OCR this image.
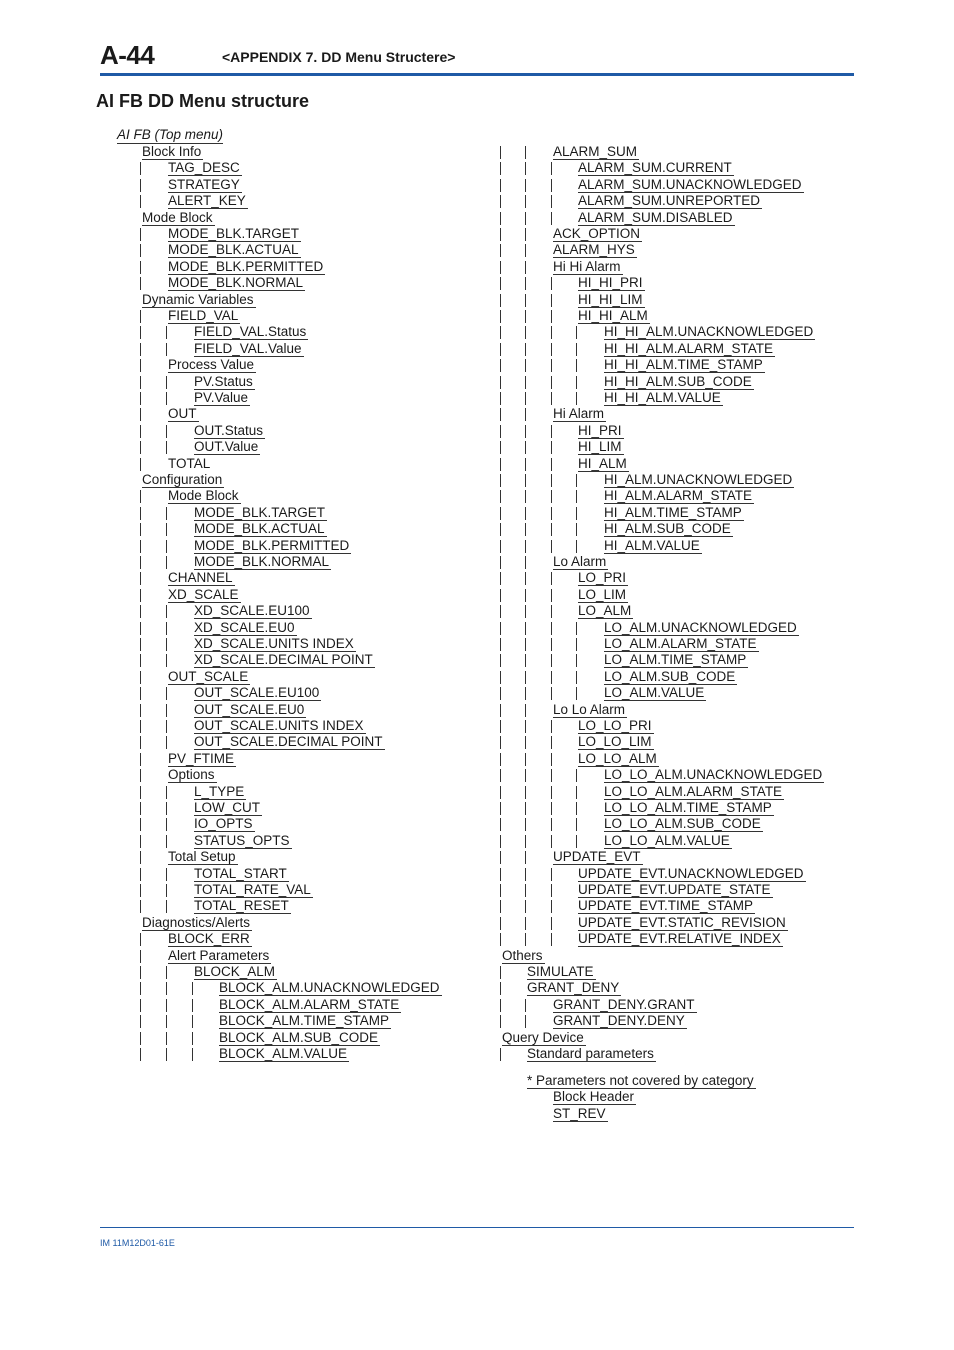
A-44	<APPENDIX 7. DD Menu Structere>
AI FB DD Menu structure
AI FB (Top menu)
Block Info
TAG_DESC
STRATEGY
ALERT_KEY
Mode Block
MODE_BLK.TARGET
MODE_BLK.ACTUAL
MODE_BLK.PERMITTED
MODE_BLK.NORMAL
Dynamic Variables
FIELD_VAL
FIELD_VAL.Status
FIELD_VAL.Value
Process Value
PV.Status
PV.Value
OUT
OUT.Status
OUT.Value
TOTAL
Configuration
Mode Block
MODE_BLK.TARGET
MODE_BLK.ACTUAL
MODE_BLK.PERMITTED
MODE_BLK.NORMAL
CHANNEL
XD_SCALE
XD_SCALE.EU100
XD_SCALE.EU0
XD_SCALE.UNITS INDEX
XD_SCALE.DECIMAL POINT
OUT_SCALE
OUT_SCALE.EU100
OUT_SCALE.EU0
OUT_SCALE.UNITS INDEX
OUT_SCALE.DECIMAL POINT
PV_FTIME
Options
L_TYPE
LOW_CUT
IO_OPTS
STATUS_OPTS
Total Setup
TOTAL_START
TOTAL_RATE_VAL
TOTAL_RESET
Diagnostics/Alerts
BLOCK_ERR
Alert Parameters
BLOCK_ALM
BLOCK_ALM.UNACKNOWLEDGED
BLOCK_ALM.ALARM_STATE
BLOCK_ALM.TIME_STAMP
BLOCK_ALM.SUB_CODE
BLOCK_ALM.VALUE
ALARM_SUM
ALARM_SUM.CURRENT
ALARM_SUM.UNACKNOWLEDGED
ALARM_SUM.UNREPORTED
ALARM_SUM.DISABLED
ACK_OPTION
ALARM_HYS
Hi Hi Alarm
HI_HI_PRI
HI_HI_LIM
HI_HI_ALM
HI_HI_ALM.UNACKNOWLEDGED
HI_HI_ALM.ALARM_STATE
HI_HI_ALM.TIME_STAMP
HI_HI_ALM.SUB_CODE
HI_HI_ALM.VALUE
Hi Alarm
HI_PRI
HI_LIM
HI_ALM
HI_ALM.UNACKNOWLEDGED
HI_ALM.ALARM_STATE
HI_ALM.TIME_STAMP
HI_ALM.SUB_CODE
HI_ALM.VALUE
Lo Alarm
LO_PRI
LO_LIM
LO_ALM
LO_ALM.UNACKNOWLEDGED
LO_ALM.ALARM_STATE
LO_ALM.TIME_STAMP
LO_ALM.SUB_CODE
LO_ALM.VALUE
Lo Lo Alarm
LO_LO_PRI
LO_LO_LIM
LO_LO_ALM
LO_LO_ALM.UNACKNOWLEDGED
LO_LO_ALM.ALARM_STATE
LO_LO_ALM.TIME_STAMP
LO_LO_ALM.SUB_CODE
LO_LO_ALM.VALUE
UPDATE_EVT
UPDATE_EVT.UNACKNOWLEDGED
UPDATE_EVT.UPDATE_STATE
UPDATE_EVT.TIME_STAMP
UPDATE_EVT.STATIC_REVISION
UPDATE_EVT.RELATIVE_INDEX
Others
SIMULATE
GRANT_DENY
GRANT_DENY.GRANT
GRANT_DENY.DENY
Query Device
Standard parameters
* Parameters not covered by category
Block Header
ST_REV
IM 11M12D01-61E
